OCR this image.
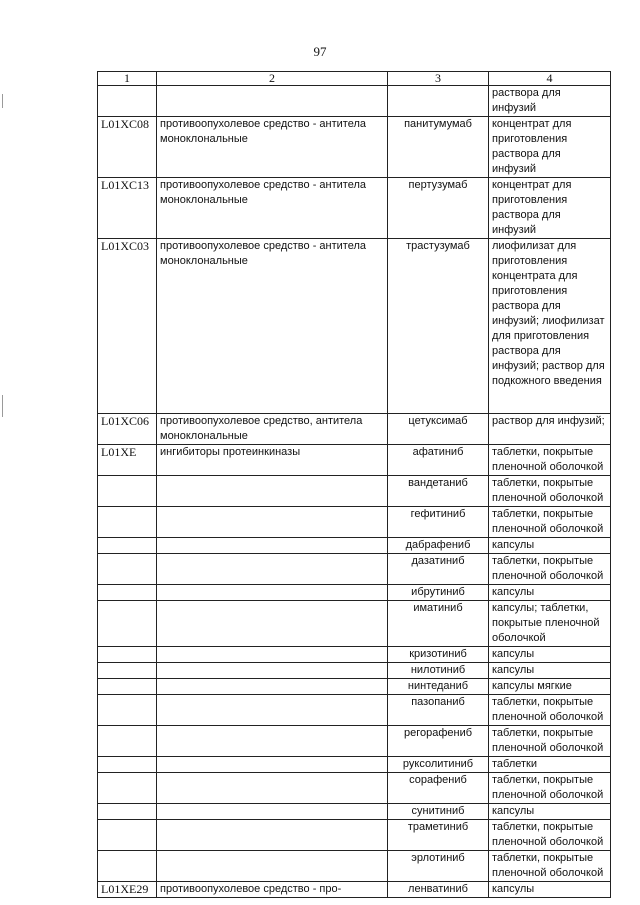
97
1	2	3	4
			раствора для инфузий
L01XC08	противоопухолевое средство - антитела моноклональные	панитумумаб	концентрат для приготовления раствора для инфузий
L01XC13	противоопухолевое средство - антитела моноклональные	пертузумаб	концентрат для приготовления раствора для инфузий
L01XC03	противоопухолевое средство - антитела моноклональные	трастузумаб	лиофилизат для приготовления концентрата для приготовления раствора для инфузий; лиофилизат для приготовления раствора для инфузий; раствор для подкожного введения
L01XC06	противоопухолевое средство, антитела моноклональные	цетуксимаб	раствор для инфузий;
L01XE	ингибиторы протеинкиназы	афатиниб	таблетки, покрытые пленочной оболочкой
		вандетаниб	таблетки, покрытые пленочной оболочкой
		гефитиниб	таблетки, покрытые пленочной оболочкой
		дабрафениб	капсулы
		дазатиниб	таблетки, покрытые пленочной оболочкой
		ибрутиниб	капсулы
		иматиниб	капсулы; таблетки, покрытые пленочной оболочкой
		кризотиниб	капсулы
		нилотиниб	капсулы
		нинтеданиб	капсулы мягкие
		пазопаниб	таблетки, покрытые пленочной оболочкой
		регорафениб	таблетки, покрытые пленочной оболочкой
		руксолитиниб	таблетки
		сорафениб	таблетки, покрытые пленочной оболочкой
		сунитиниб	капсулы
		траметиниб	таблетки, покрытые пленочной оболочкой
		эрлотиниб	таблетки, покрытые пленочной оболочкой
L01XE29	противоопухолевое средство - про-	ленватиниб	капсулы
